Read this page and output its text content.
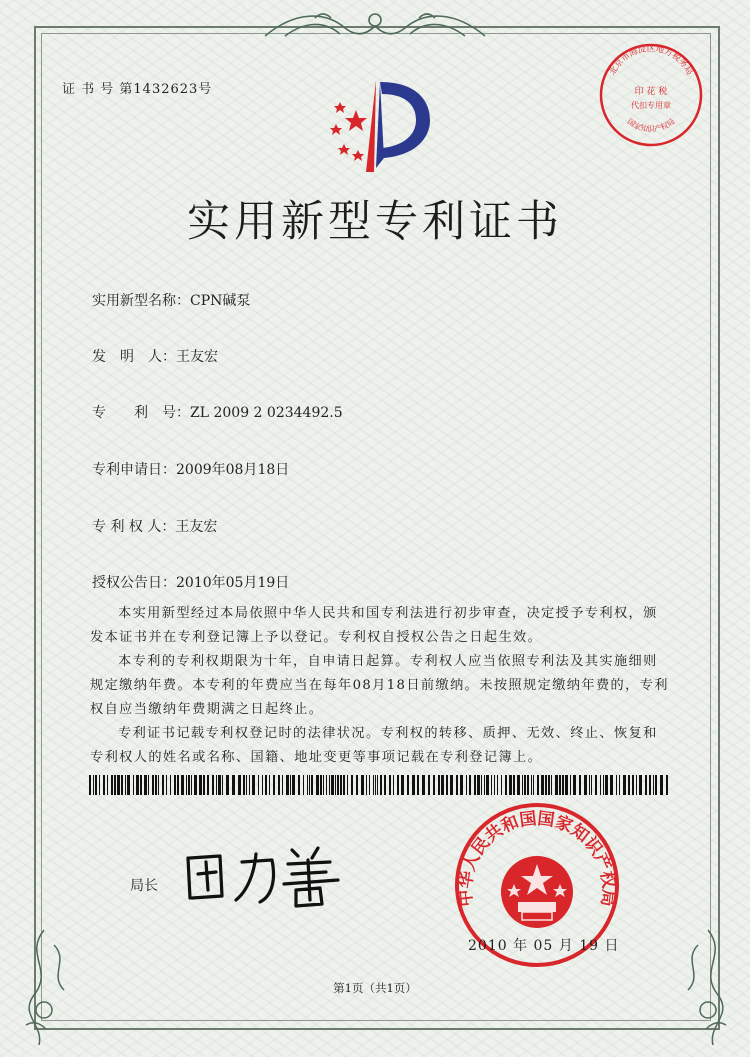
证 书 号 第1432623号
北京市海淀区地方税务局
印 花 税
代扣专用章
国家知识产权局
实用新型专利证书
实用新型名称：CPN碱泵
发　明　人：王友宏
专　　利　号：ZL 2009 2 0234492.5
专利申请日：2009年08月18日
专 利 权 人：王友宏
授权公告日：2010年05月19日
本实用新型经过本局依照中华人民共和国专利法进行初步审查，决定授予专利权，颁发本证书并在专利登记簿上予以登记。专利权自授权公告之日起生效。
本专利的专利权期限为十年，自申请日起算。专利权人应当依照专利法及其实施细则规定缴纳年费。本专利的年费应当在每年08月18日前缴纳。未按照规定缴纳年费的，专利权自应当缴纳年费期满之日起终止。
专利证书记载专利权登记时的法律状况。专利权的转移、质押、无效、终止、恢复和专利权人的姓名或名称、国籍、地址变更等事项记载在专利登记簿上。
局长
中华人民共和国国家知识产权局
2010 年 05 月 19 日
第1页（共1页）
